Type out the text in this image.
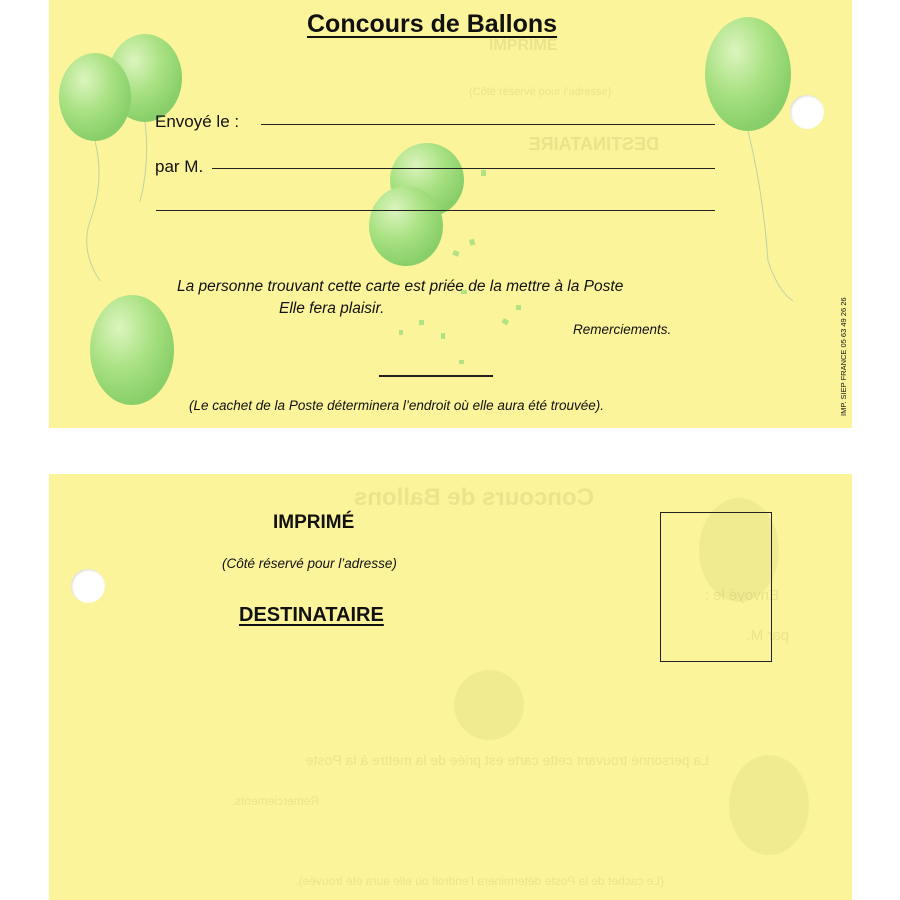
IMPRIMÉ
(Côté réservé pour l’adresse)
DESTINATAIRE
Concours de Ballons
Envoyé le :
par M.
La personne trouvant cette carte est priée de la mettre à la Poste
Elle fera plaisir.
Remerciements.
(Le cachet de la Poste déterminera l’endroit où elle aura été trouvée).	IMP. SIEP FRANCE 05 63 49 26 26
Concours de Ballons
Envoyé le :
par M.
La personne trouvant cette carte est priée de la mettre à la Poste
Remerciements.
(Le cachet de la Poste déterminera l’endroit où elle aura été trouvée).
IMPRIMÉ
(Côté réservé pour l’adresse)
DESTINATAIRE
